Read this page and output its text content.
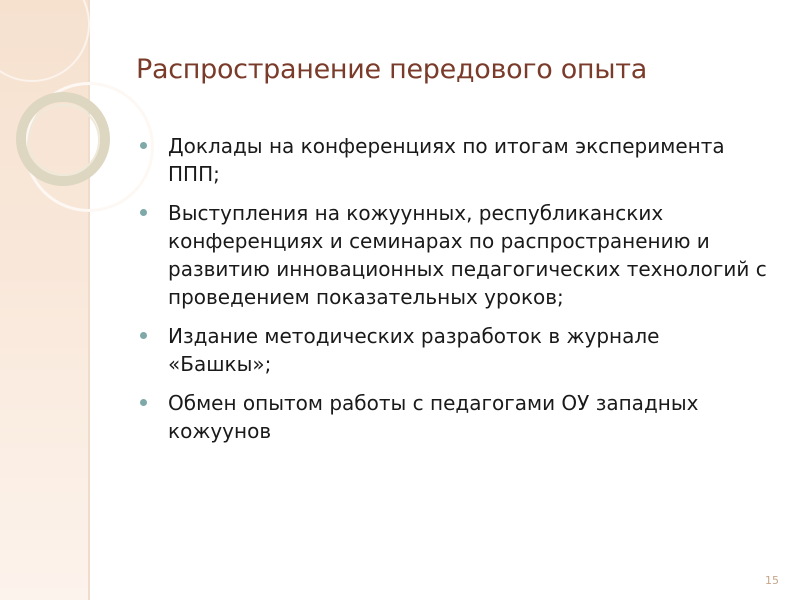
Распространение передового опыта
Доклады на конференциях по итогам эксперимента ППП;
Выступления на кожуунных, республиканских конференциях и семинарах по распространению и развитию инновационных педагогических технологий с проведением показательных уроков;
Издание методических разработок в журнале «Башкы»;
Обмен опытом работы с педагогами ОУ западных кожуунов
15
